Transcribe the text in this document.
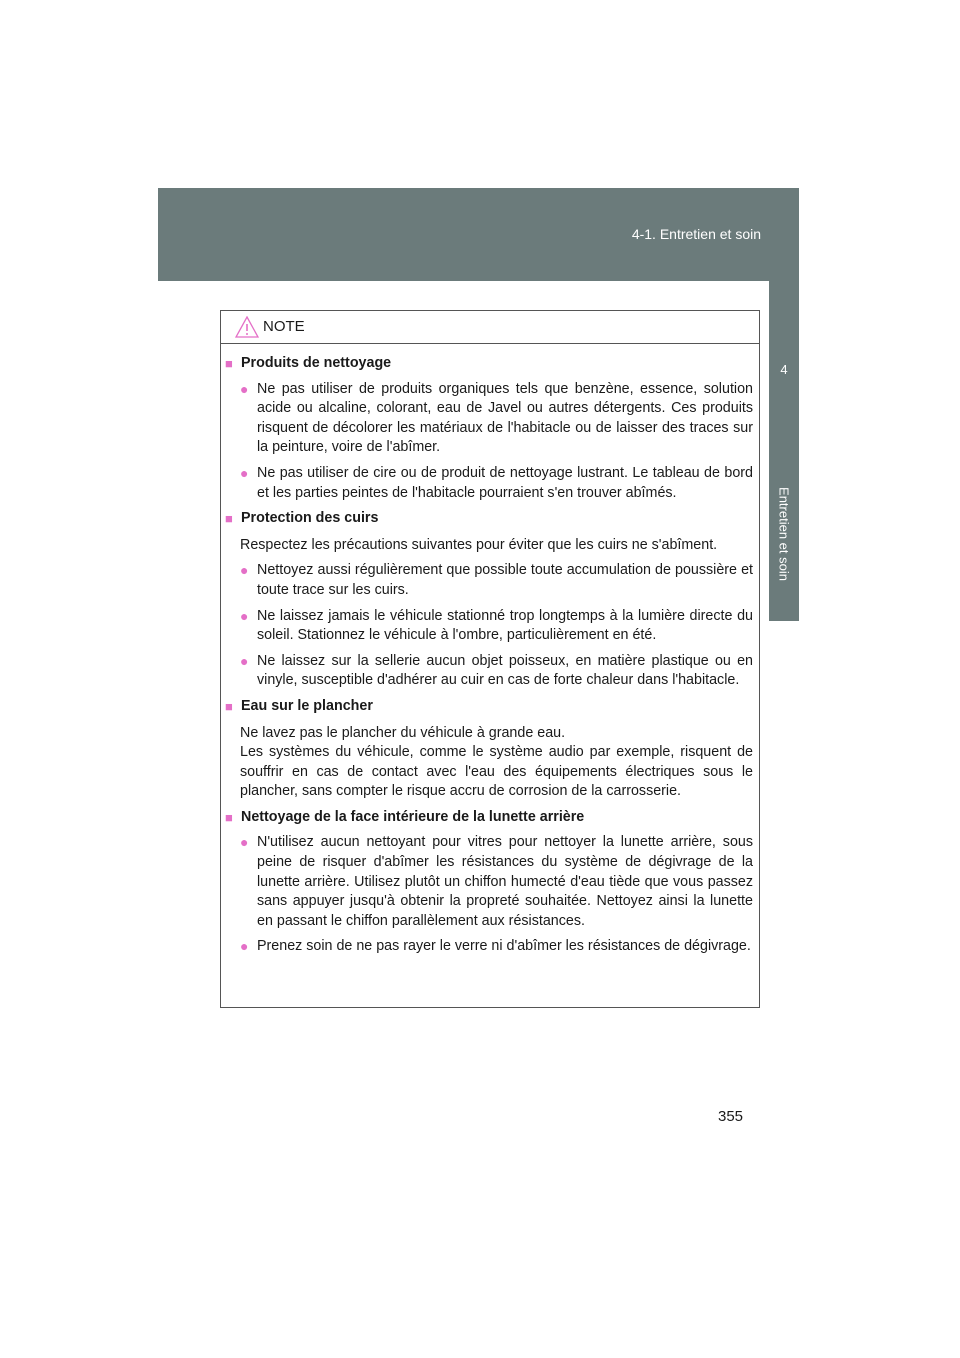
4-1. Entretien et soin
4
Entretien et soin
NOTE
■ Produits de nettoyage
● Ne pas utiliser de produits organiques tels que benzène, essence, solution acide ou alcaline, colorant, eau de Javel ou autres détergents. Ces produits risquent de décolorer les matériaux de l'habitacle ou de laisser des traces sur la peinture, voire de l'abîmer.
● Ne pas utiliser de cire ou de produit de nettoyage lustrant. Le tableau de bord et les parties peintes de l'habitacle pourraient s'en trouver abîmés.
■ Protection des cuirs
Respectez les précautions suivantes pour éviter que les cuirs ne s'abîment.
● Nettoyez aussi régulièrement que possible toute accumulation de poussière et toute trace sur les cuirs.
● Ne laissez jamais le véhicule stationné trop longtemps à la lumière directe du soleil. Stationnez le véhicule à l'ombre, particulièrement en été.
● Ne laissez sur la sellerie aucun objet poisseux, en matière plastique ou en vinyle, susceptible d'adhérer au cuir en cas de forte chaleur dans l'habitacle.
■ Eau sur le plancher
Ne lavez pas le plancher du véhicule à grande eau.
Les systèmes du véhicule, comme le système audio par exemple, risquent de souffrir en cas de contact avec l'eau des équipements électriques sous le plancher, sans compter le risque accru de corrosion de la carrosserie.
■ Nettoyage de la face intérieure de la lunette arrière
● N'utilisez aucun nettoyant pour vitres pour nettoyer la lunette arrière, sous peine de risquer d'abîmer les résistances du système de dégivrage de la lunette arrière. Utilisez plutôt un chiffon humecté d'eau tiède que vous passez sans appuyer jusqu'à obtenir la propreté souhaitée. Nettoyez ainsi la lunette en passant le chiffon parallèlement aux résistances.
● Prenez soin de ne pas rayer le verre ni d'abîmer les résistances de dégivrage.
355
